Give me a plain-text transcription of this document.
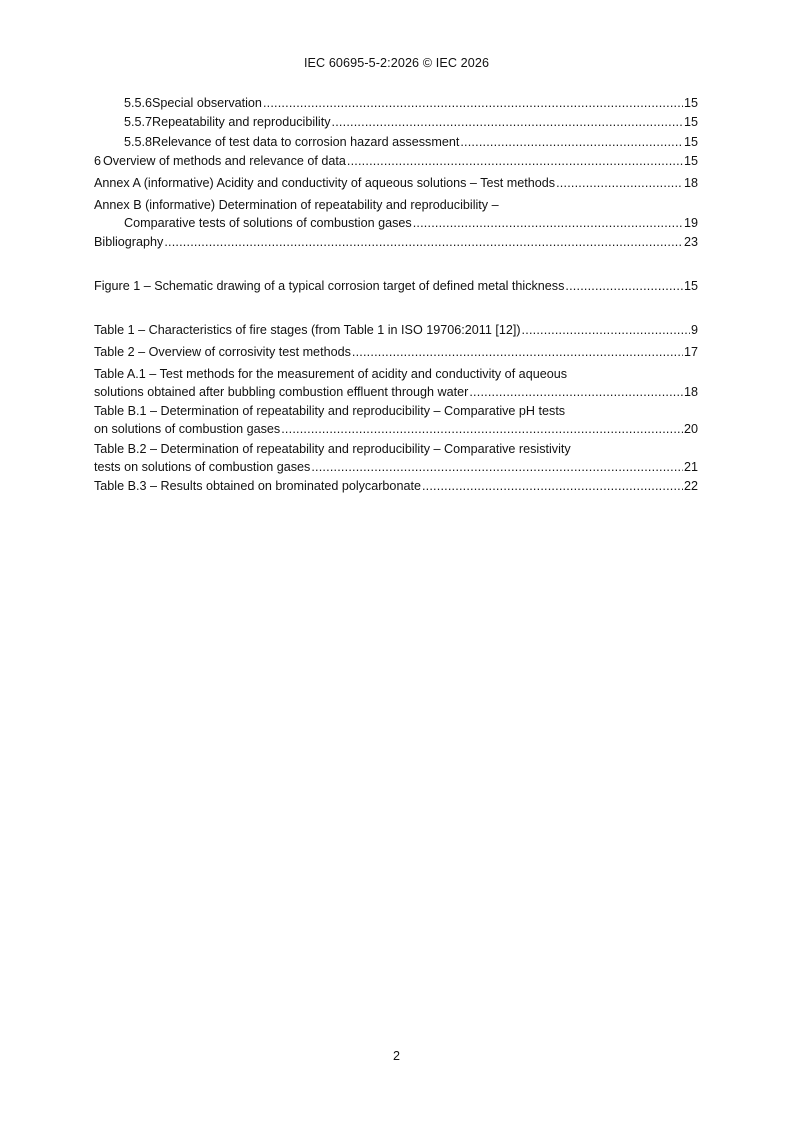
IEC 60695-5-2:2026 © IEC 2026
5.5.6 Special observation .....	15
5.5.7 Repeatability and reproducibility .....	15
5.5.8 Relevance of test data to corrosion hazard assessment .....	15
6 Overview of methods and relevance of data .....	15
Annex A (informative) Acidity and conductivity of aqueous solutions – Test methods .....	18
Annex B (informative) Determination of repeatability and reproducibility –
Comparative tests of solutions of combustion gases .....	19
Bibliography .....	23
Figure 1 – Schematic drawing of a typical corrosion target of defined metal thickness .....	15
Table 1 – Characteristics of fire stages (from Table 1 in ISO 19706:2011 [12]) .....	9
Table 2 – Overview of corrosivity test methods .....	17
Table A.1 – Test methods for the measurement of acidity and conductivity of aqueous
solutions obtained after bubbling combustion effluent through water .....	18
Table B.1 – Determination of repeatability and reproducibility – Comparative pH tests
on solutions of combustion gases .....	20
Table B.2 – Determination of repeatability and reproducibility – Comparative resistivity
tests on solutions of combustion gases .....	21
Table B.3 – Results obtained on brominated polycarbonate .....	22
2
